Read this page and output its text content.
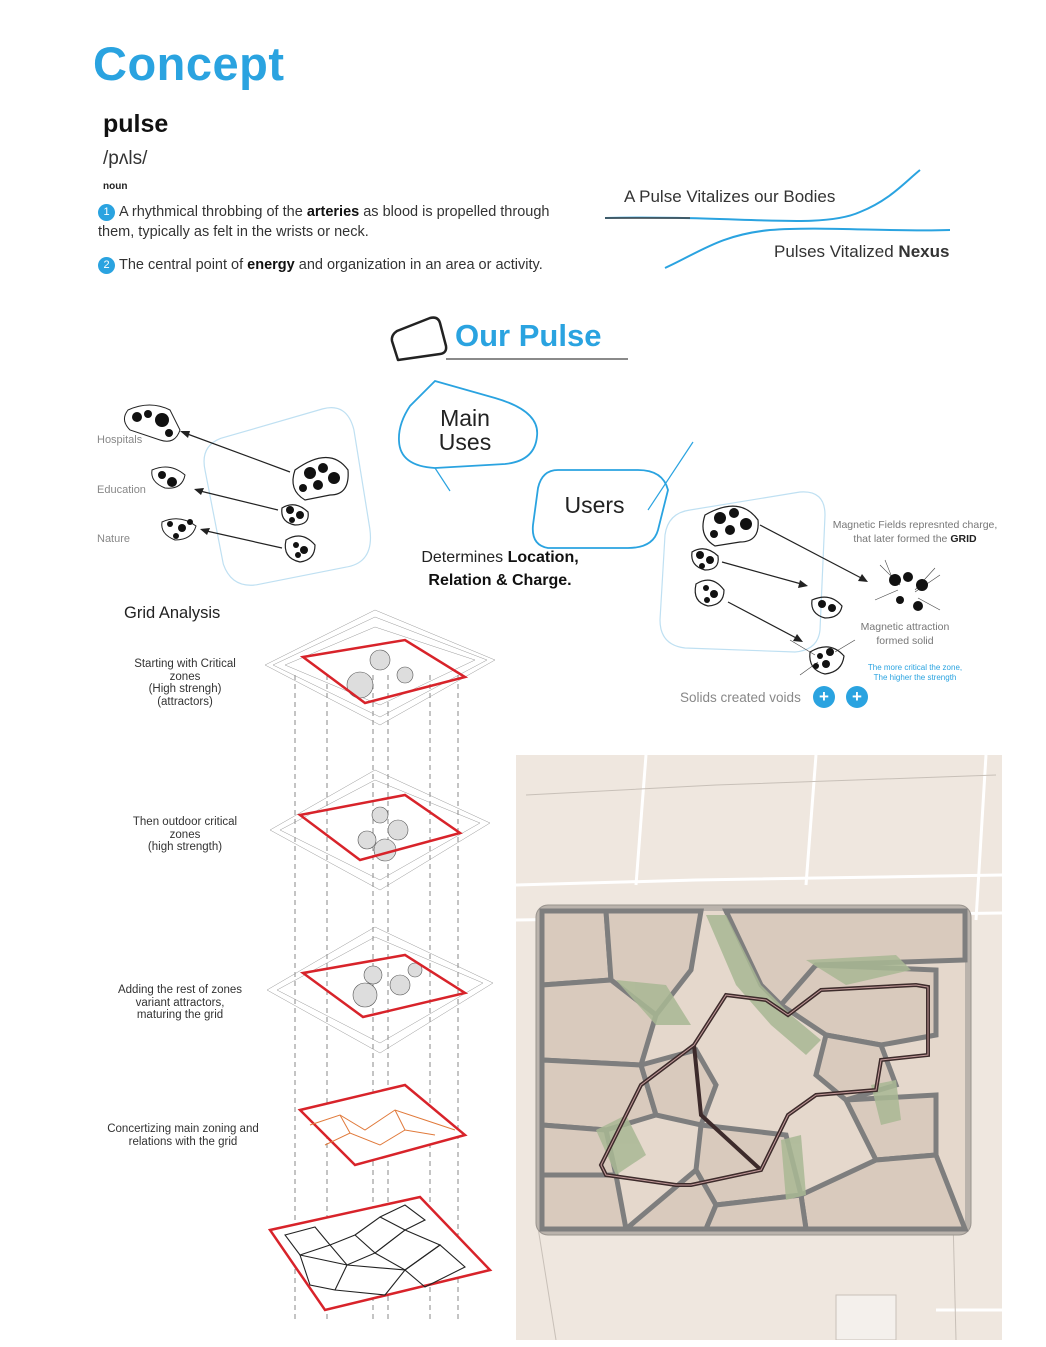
Concept
pulse
/pʌls/
noun
1 A rhythmical throbbing of the arteries as blood is propelled through them, typically as felt in the wrists or neck.
2 The central point of energy and organization in an area or activity.
A Pulse Vitalizes our Bodies
Pulses Vitalized Nexus
Our Pulse
Main
Uses
Users
Hospitals
Education
Nature
Determines Location,
Relation & Charge.
Magnetic Fields represnted charge,
that later formed the GRID
Magnetic attraction
formed solid
The more critical the zone,
The higher the strength
Solids created voids	+	+
Grid Analysis
Starting with Critical
zones
(High strengh)
(attractors)
Then outdoor critical
zones
(high strength)
Adding the rest of zones
variant attractors,
maturing the grid
Concertizing main zoning and
relations with the grid
